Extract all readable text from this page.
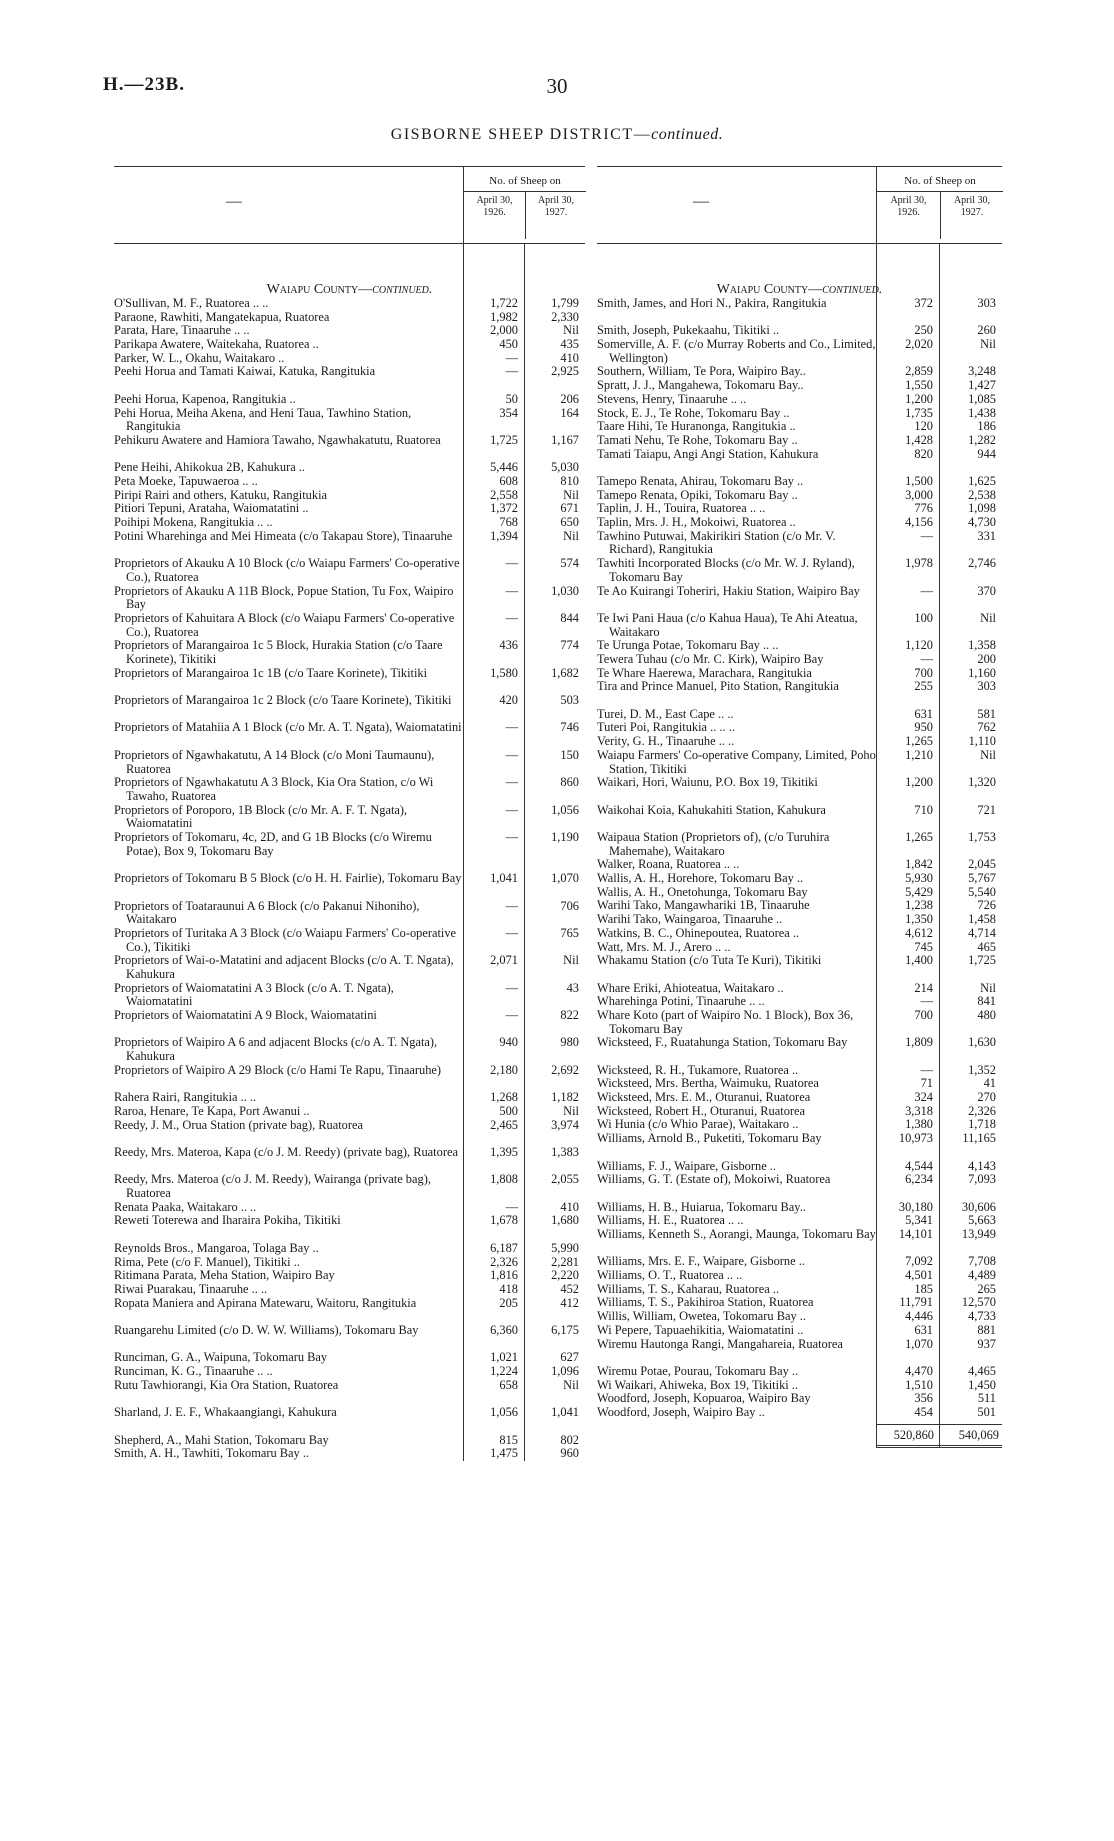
H.—23B.	30
GISBORNE SHEEP DISTRICT—continued.
—
No. of Sheep on
April 30,
1926.
April 30,
1927.
Waiapu County—continued.
O'Sullivan, M. F., Ruatorea .. ..	1,722	1,799
Paraone, Rawhiti, Mangatekapua, Ruatorea	1,982	2,330
Parata, Hare, Tinaaruhe .. ..	2,000	Nil
Parikapa Awatere, Waitekaha, Ruatorea ..	450	435
Parker, W. L., Okahu, Waitakaro ..	—	410
Peehi Horua and Tamati Kaiwai, Katuka, Rangitukia	—	2,925
Peehi Horua, Kapenoa, Rangitukia ..	50	206
Pehi Horua, Meiha Akena, and Heni Taua, Tawhino Station, Rangitukia
354	164
Pehikuru Awatere and Hamiora Tawaho, Ngawhakatutu, Ruatorea	1,725	1,167
Pene Heihi, Ahikokua 2B, Kahukura ..	5,446	5,030
Peta Moeke, Tapuwaeroa .. ..	608	810
Piripi Rairi and others, Katuku, Rangitukia	2,558	Nil
Pitiori Tepuni, Arataha, Waiomatatini ..	1,372	671
Poihipi Mokena, Rangitukia .. ..	768	650
Potini Wharehinga and Mei Himeata (c/o Takapau Store), Tinaaruhe	1,394	Nil
Proprietors of Akauku A 10 Block (c/o Waiapu Farmers' Co-operative Co.), Ruatorea
—	574
Proprietors of Akauku A 11B Block, Popue Station, Tu Fox, Waipiro Bay
—	1,030
Proprietors of Kahuitara A Block (c/o Waiapu Farmers' Co-operative Co.), Ruatorea
—	844
Proprietors of Marangairoa 1c 5 Block, Hurakia Station (c/o Taare Korinete), Tikitiki
436	774
Proprietors of Marangairoa 1c 1B (c/o Taare Korinete), Tikitiki	1,580	1,682
Proprietors of Marangairoa 1c 2 Block (c/o Taare Korinete), Tikitiki	420	503
Proprietors of Matahiia A 1 Block (c/o Mr. A. T. Ngata), Waiomatatini	—	746
Proprietors of Ngawhakatutu, A 14 Block (c/o Moni Taumaunu), Ruatorea
—	150
Proprietors of Ngawhakatutu A 3 Block, Kia Ora Station, c/o Wi Tawaho, Ruatorea
—	860
Proprietors of Poroporo, 1B Block (c/o Mr. A. F. T. Ngata), Waiomatatini
—	1,056
Proprietors of Tokomaru, 4c, 2D, and G 1B Blocks (c/o Wiremu Potae), Box 9, Tokomaru Bay
—	1,190
Proprietors of Tokomaru B 5 Block (c/o H. H. Fairlie), Tokomaru Bay	1,041	1,070
Proprietors of Toataraunui A 6 Block (c/o Pakanui Nihoniho), Waitakaro
—	706
Proprietors of Turitaka A 3 Block (c/o Waiapu Farmers' Co-operative Co.), Tikitiki
—	765
Proprietors of Wai-o-Matatini and adjacent Blocks (c/o A. T. Ngata), Kahukura
2,071	Nil
Proprietors of Waiomatatini A 3 Block (c/o A. T. Ngata), Waiomatatini
—	43
Proprietors of Waiomatatini A 9 Block, Waiomatatini	—	822
Proprietors of Waipiro A 6 and adjacent Blocks (c/o A. T. Ngata), Kahukura
940	980
Proprietors of Waipiro A 29 Block (c/o Hami Te Rapu, Tinaaruhe)	2,180	2,692
Rahera Rairi, Rangitukia .. ..	1,268	1,182
Raroa, Henare, Te Kapa, Port Awanui ..	500	Nil
Reedy, J. M., Orua Station (private bag), Ruatorea	2,465	3,974
Reedy, Mrs. Materoa, Kapa (c/o J. M. Reedy) (private bag), Ruatorea	1,395	1,383
Reedy, Mrs. Materoa (c/o J. M. Reedy), Wairanga (private bag), Ruatorea
1,808	2,055
Renata Paaka, Waitakaro .. ..	—	410
Reweti Toterewa and Iharaira Pokiha, Tikitiki	1,678	1,680
Reynolds Bros., Mangaroa, Tolaga Bay ..	6,187	5,990
Rima, Pete (c/o F. Manuel), Tikitiki ..	2,326	2,281
Ritimana Parata, Meha Station, Waipiro Bay	1,816	2,220
Riwai Puarakau, Tinaaruhe .. ..	418	452
Ropata Maniera and Apirana Matewaru, Waitoru, Rangitukia	205	412
Ruangarehu Limited (c/o D. W. W. Williams), Tokomaru Bay	6,360	6,175
Runciman, G. A., Waipuna, Tokomaru Bay	1,021	627
Runciman, K. G., Tinaaruhe .. ..	1,224	1,096
Rutu Tawhiorangi, Kia Ora Station, Ruatorea	658	Nil
Sharland, J. E. F., Whakaangiangi, Kahukura	1,056	1,041
Shepherd, A., Mahi Station, Tokomaru Bay	815	802
Smith, A. H., Tawhiti, Tokomaru Bay ..	1,475	960
—
No. of Sheep on
April 30,
1926.
April 30,
1927.
Waiapu County—continued.
Smith, James, and Hori N., Pakira, Rangitukia	372	303
Smith, Joseph, Pukekaahu, Tikitiki ..	250	260
Somerville, A. F. (c/o Murray Roberts and Co., Limited, Wellington)
2,020	Nil
Southern, William, Te Pora, Waipiro Bay..	2,859	3,248
Spratt, J. J., Mangahewa, Tokomaru Bay..	1,550	1,427
Stevens, Henry, Tinaaruhe .. ..	1,200	1,085
Stock, E. J., Te Rohe, Tokomaru Bay ..	1,735	1,438
Taare Hihi, Te Huranonga, Rangitukia ..	120	186
Tamati Nehu, Te Rohe, Tokomaru Bay ..	1,428	1,282
Tamati Taiapu, Angi Angi Station, Kahukura	820	944
Tamepo Renata, Ahirau, Tokomaru Bay ..	1,500	1,625
Tamepo Renata, Opiki, Tokomaru Bay ..	3,000	2,538
Taplin, J. H., Touira, Ruatorea .. ..	776	1,098
Taplin, Mrs. J. H., Mokoiwi, Ruatorea ..	4,156	4,730
Tawhino Putuwai, Makirikiri Station (c/o Mr. V. Richard), Rangitukia
—	331
Tawhiti Incorporated Blocks (c/o Mr. W. J. Ryland), Tokomaru Bay
1,978	2,746
Te Ao Kuirangi Toheriri, Hakiu Station, Waipiro Bay	—	370
Te Iwi Pani Haua (c/o Kahua Haua), Te Ahi Ateatua, Waitakaro
100	Nil
Te Urunga Potae, Tokomaru Bay .. ..	1,120	1,358
Tewera Tuhau (c/o Mr. C. Kirk), Waipiro Bay	—	200
Te Whare Haerewa, Marachara, Rangitukia	700	1,160
Tira and Prince Manuel, Pito Station, Rangitukia	255	303
Turei, D. M., East Cape .. ..	631	581
Tuteri Poi, Rangitukia .. .. ..	950	762
Verity, G. H., Tinaaruhe .. ..	1,265	1,110
Waiapu Farmers' Co-operative Company, Limited, Poho Station, Tikitiki
1,210	Nil
Waikari, Hori, Waiunu, P.O. Box 19, Tikitiki	1,200	1,320
Waikohai Koia, Kahukahiti Station, Kahukura	710	721
Waipaua Station (Proprietors of), (c/o Turuhira Mahemahe), Waitakaro
1,265	1,753
Walker, Roana, Ruatorea .. ..	1,842	2,045
Wallis, A. H., Horehore, Tokomaru Bay ..	5,930	5,767
Wallis, A. H., Onetohunga, Tokomaru Bay	5,429	5,540
Warihi Tako, Mangawhariki 1B, Tinaaruhe	1,238	726
Warihi Tako, Waingaroa, Tinaaruhe ..	1,350	1,458
Watkins, B. C., Ohinepoutea, Ruatorea ..	4,612	4,714
Watt, Mrs. M. J., Arero .. ..	745	465
Whakamu Station (c/o Tuta Te Kuri), Tikitiki	1,400	1,725
Whare Eriki, Ahioteatua, Waitakaro ..	214	Nil
Wharehinga Potini, Tinaaruhe .. ..	—	841
Whare Koto (part of Waipiro No. 1 Block), Box 36, Tokomaru Bay
700	480
Wicksteed, F., Ruatahunga Station, Tokomaru Bay	1,809	1,630
Wicksteed, R. H., Tukamore, Ruatorea ..	—	1,352
Wicksteed, Mrs. Bertha, Waimuku, Ruatorea	71	41
Wicksteed, Mrs. E. M., Oturanui, Ruatorea	324	270
Wicksteed, Robert H., Oturanui, Ruatorea	3,318	2,326
Wi Hunia (c/o Whio Parae), Waitakaro ..	1,380	1,718
Williams, Arnold B., Puketiti, Tokomaru Bay	10,973	11,165
Williams, F. J., Waipare, Gisborne ..	4,544	4,143
Williams, G. T. (Estate of), Mokoiwi, Ruatorea	6,234	7,093
Williams, H. B., Huiarua, Tokomaru Bay..	30,180	30,606
Williams, H. E., Ruatorea .. ..	5,341	5,663
Williams, Kenneth S., Aorangi, Maunga, Tokomaru Bay	14,101	13,949
Williams, Mrs. E. F., Waipare, Gisborne ..	7,092	7,708
Williams, O. T., Ruatorea .. ..	4,501	4,489
Williams, T. S., Kaharau, Ruatorea ..	185	265
Williams, T. S., Pakihiroa Station, Ruatorea	11,791	12,570
Willis, William, Owetea, Tokomaru Bay ..	4,446	4,733
Wi Pepere, Tapuaehikitia, Waiomatatini ..	631	881
Wiremu Hautonga Rangi, Mangahareia, Ruatorea	1,070	937
Wiremu Potae, Pourau, Tokomaru Bay ..	4,470	4,465
Wi Waikari, Ahiweka, Box 19, Tikitiki ..	1,510	1,450
Woodford, Joseph, Kopuaroa, Waipiro Bay	356	511
Woodford, Joseph, Waipiro Bay ..	454	501
520,860	540,069
